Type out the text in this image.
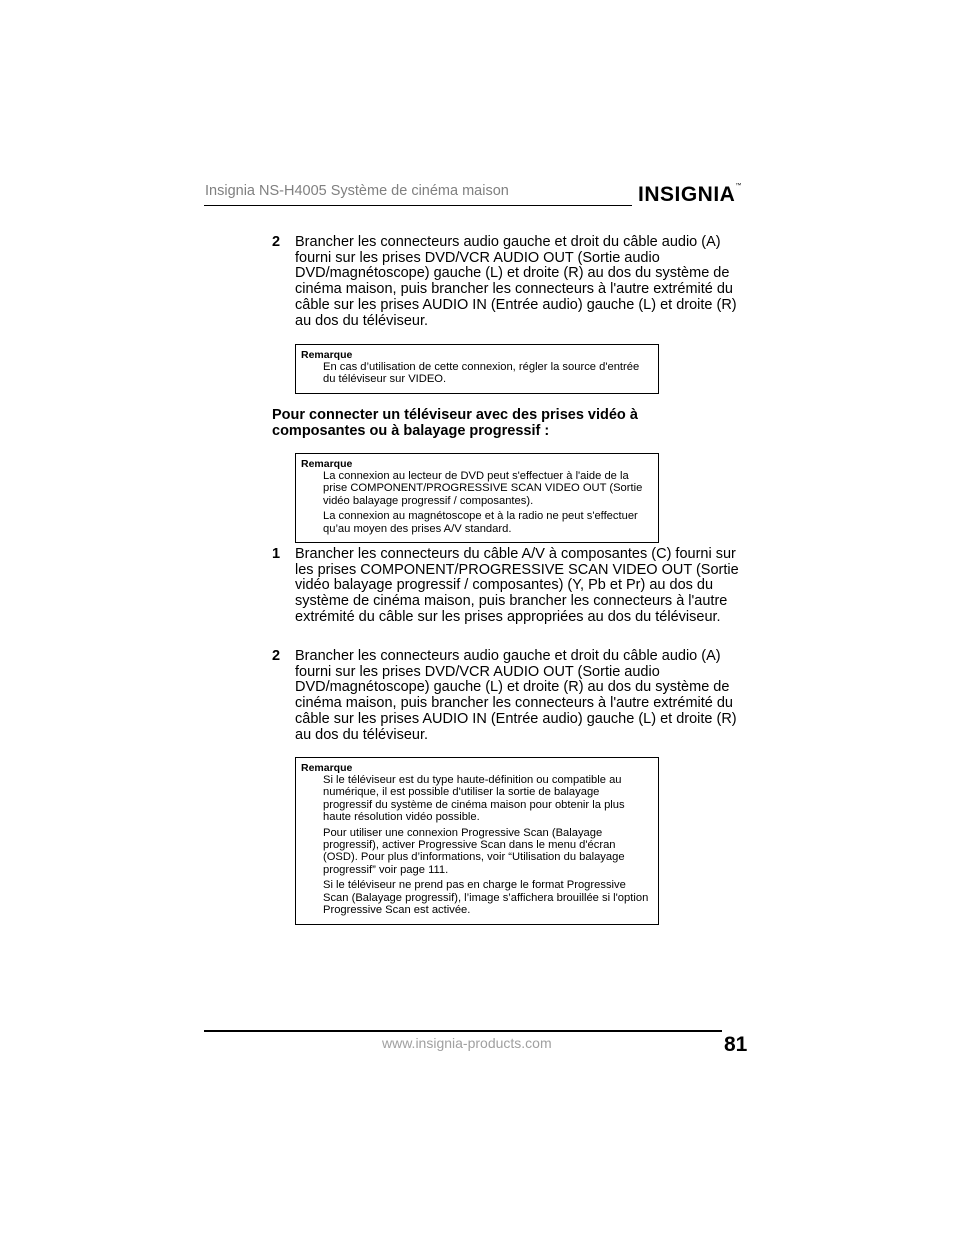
Insignia NS-H4005 Système de cinéma maison	INSIGNIA™
2 Brancher les connecteurs audio gauche et droit du câble audio (A) fourni sur les prises DVD/VCR AUDIO OUT (Sortie audio DVD/magnétoscope) gauche (L) et droite (R) au dos du système de cinéma maison, puis brancher les connecteurs à l'autre extrémité du câble sur les prises AUDIO IN (Entrée audio) gauche (L) et droite (R) au dos du téléviseur.
Remarque
En cas d’utilisation de cette connexion, régler la source d'entrée du téléviseur sur VIDEO.
Pour connecter un téléviseur avec des prises vidéo à composantes ou à balayage progressif :
Remarque
La connexion au lecteur de DVD peut s'effectuer à l'aide de la prise COMPONENT/PROGRESSIVE SCAN VIDEO OUT (Sortie vidéo balayage progressif / composantes).
La connexion au magnétoscope et à la radio ne peut s'effectuer qu’au moyen des prises A/V standard.
1 Brancher les connecteurs du câble A/V à composantes (C) fourni sur les prises COMPONENT/PROGRESSIVE SCAN VIDEO OUT (Sortie vidéo balayage progressif / composantes) (Y, Pb et Pr) au dos du système de cinéma maison, puis brancher les connecteurs à l'autre extrémité du câble sur les prises appropriées au dos du téléviseur.
2 Brancher les connecteurs audio gauche et droit du câble audio (A) fourni sur les prises DVD/VCR AUDIO OUT (Sortie audio DVD/magnétoscope) gauche (L) et droite (R) au dos du système de cinéma maison, puis brancher les connecteurs à l'autre extrémité du câble sur les prises AUDIO IN (Entrée audio) gauche (L) et droite (R) au dos du téléviseur.
Remarque
Si le téléviseur est du type haute-définition ou compatible au numérique, il est possible d'utiliser la sortie de balayage progressif du système de cinéma maison pour obtenir la plus haute résolution vidéo possible.
Pour utiliser une connexion Progressive Scan (Balayage progressif), activer Progressive Scan dans le menu d'écran (OSD). Pour plus d’informations, voir “Utilisation du balayage progressif” voir page 111.
Si le téléviseur ne prend pas en charge le format Progressive Scan (Balayage progressif), l’image s’affichera brouillée si l'option Progressive Scan est activée.
www.insignia-products.com	81
